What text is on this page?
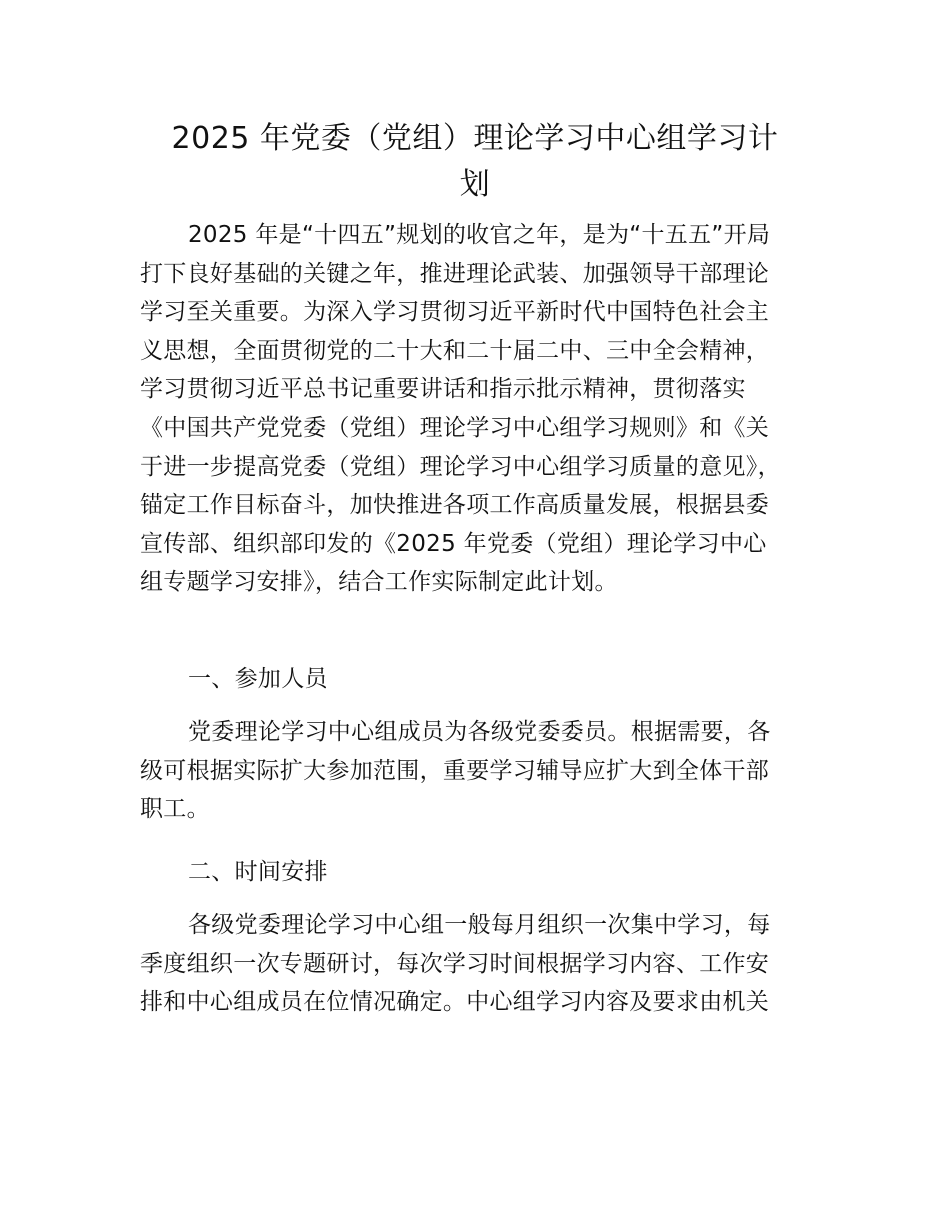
2025 年党委（党组）理论学习中心组学习计
划
2025 年是“十四五”规划的收官之年，是为“十五五”开局
打下良好基础的关键之年，推进理论武装、加强领导干部理论
学习至关重要。为深入学习贯彻习近平新时代中国特色社会主
义思想，全面贯彻党的二十大和二十届二中、三中全会精神，
学习贯彻习近平总书记重要讲话和指示批示精神，贯彻落实
《中国共产党党委（党组）理论学习中心组学习规则》和《关
于进一步提高党委（党组）理论学习中心组学习质量的意见》，
锚定工作目标奋斗，加快推进各项工作高质量发展，根据县委
宣传部、组织部印发的《2025 年党委（党组）理论学习中心
组专题学习安排》，结合工作实际制定此计划。
一、参加人员
党委理论学习中心组成员为各级党委委员。根据需要，各
级可根据实际扩大参加范围，重要学习辅导应扩大到全体干部
职工。
二、时间安排
各级党委理论学习中心组一般每月组织一次集中学习，每
季度组织一次专题研讨，每次学习时间根据学习内容、工作安
排和中心组成员在位情况确定。中心组学习内容及要求由机关
